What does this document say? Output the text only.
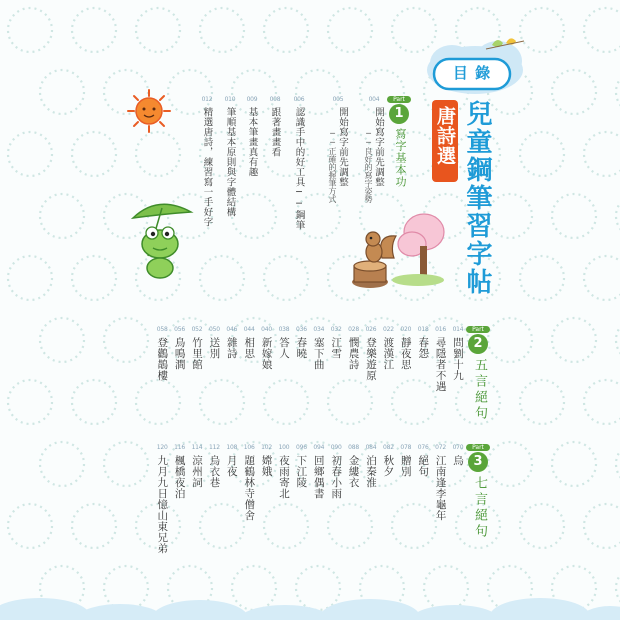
目 錄
唐詩選 兒童鋼筆習字帖
Part
1
寫字基本功
004
開始寫字前先調整
──良好的寫字姿勢
005
開始寫字前先調整
──正確的握筆方式
006
認識手中的好工具──鋼筆
008
跟著畫畫看
009
基本筆畫真有趣
010
筆順基本原則與字體結構
012
精選唐詩，練習寫一手好字
Part
2
五言絕句
014
問劉十九
016
尋隱者不遇
018
春怨
020
靜夜思
022
渡漢江
026
登樂遊原
028
憫農詩
032
江雪
034
塞下曲
036
春曉
038
答人
040
新嫁娘
044
相思
046
雜詩
050
送別
052
竹里館
056
鳥鳴澗
058
登鸛鵲樓
Part
3
七言絕句
070
烏
072
江南逢李龜年
076
絕句
078
贈別
082
秋夕
084
泊秦淮
088
金縷衣
090
初春小雨
094
回鄉偶書
096
下江陵
100
夜雨寄北
102
嫦娥
106
題鶴林寺僧舍
108
月夜
112
烏衣巷
114
涼州詞
116
楓橋夜泊
120
九月九日憶山東兄弟
